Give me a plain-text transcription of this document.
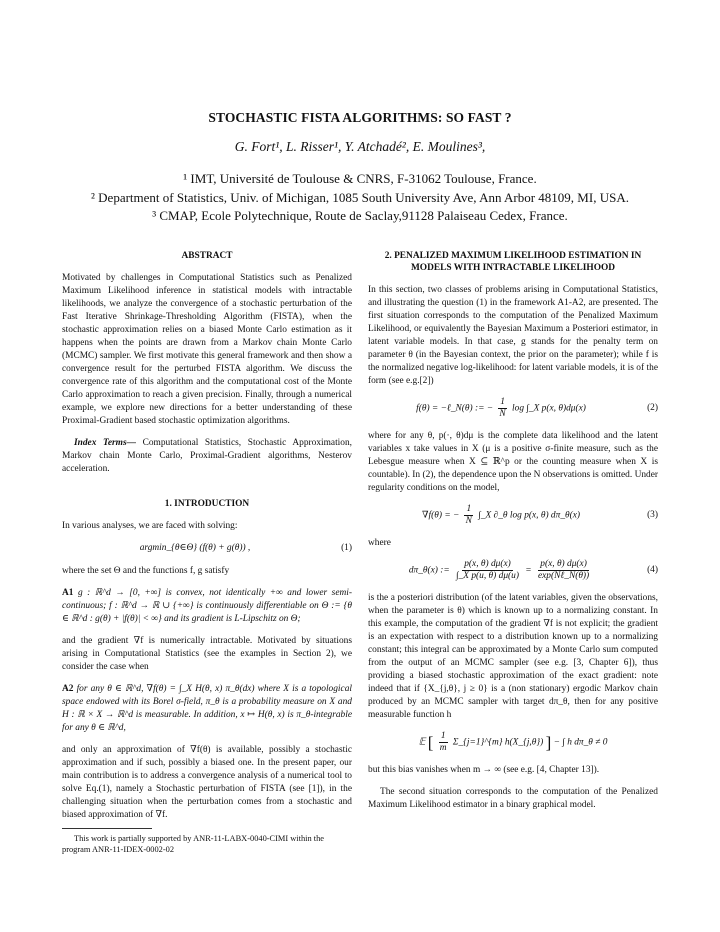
STOCHASTIC FISTA ALGORITHMS: SO FAST ?
G. Fort¹, L. Risser¹, Y. Atchadé², E. Moulines³,
¹ IMT, Université de Toulouse & CNRS, F-31062 Toulouse, France.
² Department of Statistics, Univ. of Michigan, 1085 South University Ave, Ann Arbor 48109, MI, USA.
³ CMAP, Ecole Polytechnique, Route de Saclay,91128 Palaiseau Cedex, France.
ABSTRACT

Motivated by challenges in Computational Statistics such as Penalized Maximum Likelihood inference in statistical models with intractable likelihoods, we analyze the convergence of a stochastic perturbation of the Fast Iterative Shrinkage-Thresholding Algorithm (FISTA), when the stochastic approximation relies on a biased Monte Carlo estimation as it happens when the points are drawn from a Markov chain Monte Carlo (MCMC) sampler. We first motivate this general framework and then show a convergence result for the perturbed FISTA algorithm. We discuss the convergence rate of this algorithm and the computational cost of the Monte Carlo approximation to reach a given precision. Finally, through a numerical example, we explore new directions for a better understanding of these Proximal-Gradient based stochastic optimization algorithms.

Index Terms— Computational Statistics, Stochastic Approximation, Markov chain Monte Carlo, Proximal-Gradient algorithms, Nesterov acceleration.

1. INTRODUCTION

In various analyses, we are faced with solving:

argmin_{θ∈Θ} (f(θ) + g(θ)) ,	(1)

where the set Θ and the functions f, g satisfy

A1 g : ℝ^d → [0, +∞] is convex, not identically +∞ and lower semi-continuous; f : ℝ^d → ℝ ∪ {+∞} is continuously differentiable on Θ := {θ ∈ ℝ^d : g(θ) + |f(θ)| < ∞} and its gradient is L-Lipschitz on Θ;

and the gradient ∇f is numerically intractable. Motivated by situations arising in Computational Statistics (see the examples in Section 2), we consider the case when

A2 for any θ ∈ ℝ^d, ∇f(θ) = ∫_X H(θ, x) π_θ(dx) where X is a topological space endowed with its Borel σ-field, π_θ is a probability measure on X and H : ℝ × X → ℝ^d is measurable. In addition, x ↦ H(θ, x) is π_θ-integrable for any θ ∈ ℝ^d,

and only an approximation of ∇f(θ) is available, possibly a stochastic approximation and if such, possibly a biased one. In the present paper, our main contribution is to address a convergence analysis of a numerical tool to solve Eq.(1), namely a Stochastic perturbation of FISTA (see [1]), in the challenging situation when the perturbation comes from a stochastic and biased approximation of ∇f.

This work is partially supported by ANR-11-LABX-0040-CIMI within the program ANR-11-IDEX-0002-02
2. PENALIZED MAXIMUM LIKELIHOOD ESTIMATION IN MODELS WITH INTRACTABLE LIKELIHOOD

In this section, two classes of problems arising in Computational Statistics, and illustrating the question (1) in the framework A1-A2, are presented. The first situation corresponds to the computation of the Penalized Maximum Likelihood, or equivalently the Bayesian Maximum a Posteriori estimator, in latent variable models. In that case, g stands for the penalty term on parameter θ (in the Bayesian context, the prior on the parameter); while f is the normalized negative log-likelihood: for latent variable models, it is of the form (see e.g.[2])

f(θ) = −ℓ_N(θ) := − $\frac{1}{N}$ log ∫_X p(x, θ)dμ(x)	(2)

where for any θ, p(·, θ)dμ is the complete data likelihood and the latent variables x take values in X (μ is a positive σ-finite measure, such as the Lebesgue measure when X ⊆ ℝ^p or the counting measure when X is countable). In (2), the dependence upon the N observations is omitted. Under regularity conditions on the model,

∇f(θ) = − $\frac{1}{N}$ ∫_X ∂_θ log p(x, θ) dπ_θ(x)	(3)

where

dπ_θ(x) := $\frac{p(x, \theta) d\mu(x)}{\text{∫\_X p(u, θ) dμ(u)}} = \frac{p(x, \theta) d\mu(x)}{\text{exp(Nℓ\_N(θ))}}$	(4)

is the a posteriori distribution (of the latent variables, given the observations, when the parameter is θ) which is known up to a normalizing constant. In this example, the computation of the gradient ∇f is not explicit; the gradient is an expectation with respect to a distribution known up to a normalizing constant; this integral can be approximated by a Monte Carlo sum computed from the output of an MCMC sampler (see e.g. [3, Chapter 6]), thus providing a biased stochastic approximation of the exact gradient: note indeed that if {X_{j,θ}, j ≥ 0} is a (non stationary) ergodic Markov chain produced by an MCMC sampler with target dπ_θ, then for any positive measurable function h

𝔼 [ $\frac{1}{m}$ Σ_{j=1}^{m} h(X_{j,θ}) ] − ∫ h dπ_θ ≠ 0

but this bias vanishes when m → ∞ (see e.g. [4, Chapter 13]).

The second situation corresponds to the computation of the Penalized Maximum Likelihood estimator in a binary graphical model.
